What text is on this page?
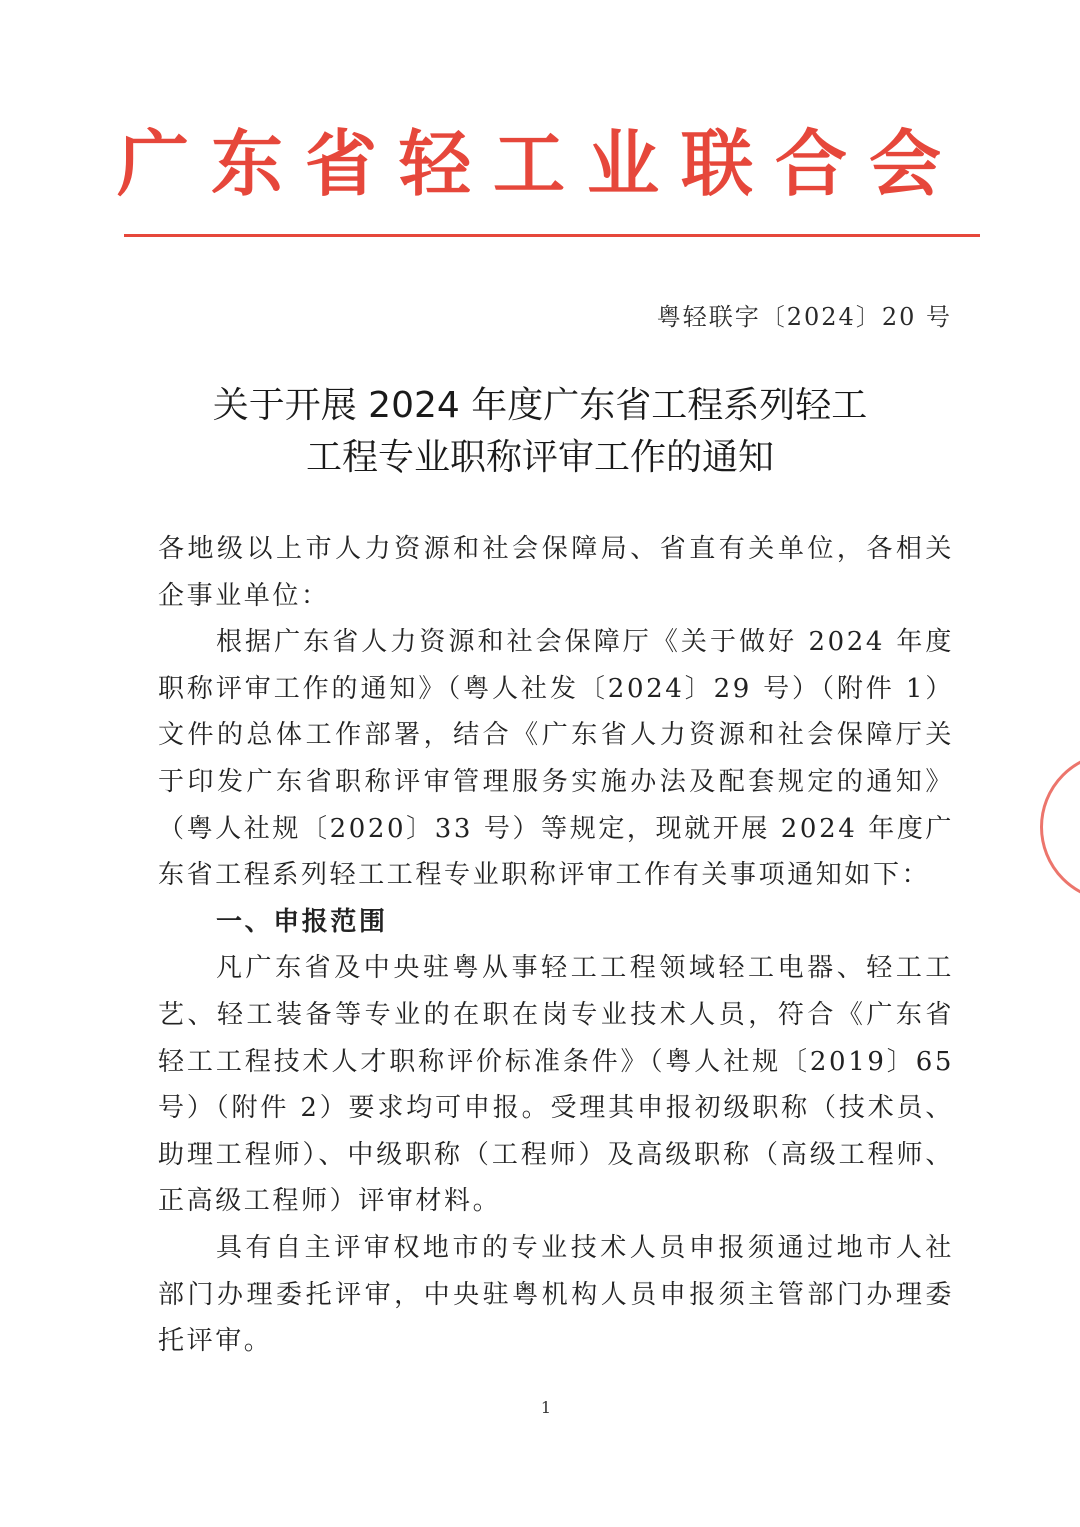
广东省轻工业联合会
粤轻联字〔2024〕20 号
关于开展 2024 年度广东省工程系列轻工
工程专业职称评审工作的通知

各地级以上市人力资源和社会保障局、省直有关单位，各相关企事业单位：

根据广东省人力资源和社会保障厅《关于做好 2024 年度职称评审工作的通知》（粤人社发〔2024〕29 号）（附件 1）文件的总体工作部署，结合《广东省人力资源和社会保障厅关于印发广东省职称评审管理服务实施办法及配套规定的通知》（粤人社规〔2020〕33 号）等规定，现就开展 2024 年度广东省工程系列轻工工程专业职称评审工作有关事项通知如下：

一、申报范围

凡广东省及中央驻粤从事轻工工程领域轻工电器、轻工工艺、轻工装备等专业的在职在岗专业技术人员，符合《广东省轻工工程技术人才职称评价标准条件》（粤人社规〔2019〕65 号）（附件 2）要求均可申报。受理其申报初级职称（技术员、助理工程师）、中级职称（工程师）及高级职称（高级工程师、正高级工程师）评审材料。

具有自主评审权地市的专业技术人员申报须通过地市人社部门办理委托评审，中央驻粤机构人员申报须主管部门办理委托评审。

1
